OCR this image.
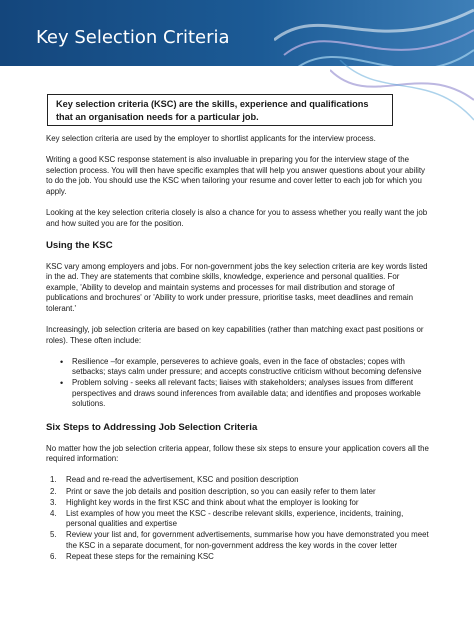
Key Selection Criteria
Key selection criteria (KSC) are the skills, experience and qualifications that an organisation needs for a particular job.

Key selection criteria are used by the employer to shortlist applicants for the interview process.

Writing a good KSC response statement is also invaluable in preparing you for the interview stage of the selection process. You will then have specific examples that will help you answer questions about your ability to do the job. You should use the KSC when tailoring your resume and cover letter to each job for which you apply.

Looking at the key selection criteria closely is also a chance for you to assess whether you really want the job and how suited you are for the position.

Using the KSC

KSC vary among employers and jobs. For non-government jobs the key selection criteria are key words listed in the ad. They are statements that combine skills, knowledge, experience and personal qualities. For example, 'Ability to develop and maintain systems and processes for mail distribution and storage of publications and brochures' or 'Ability to work under pressure, prioritise tasks, meet deadlines and remain tolerant.'

Increasingly, job selection criteria are based on key capabilities (rather than matching exact past positions or roles). These often include:

• Resilience –for example, perseveres to achieve goals, even in the face of obstacles; copes with setbacks; stays calm under pressure; and accepts constructive criticism without becoming defensive
• Problem solving - seeks all relevant facts; liaises with stakeholders; analyses issues from different perspectives and draws sound inferences from available data; and identifies and proposes workable solutions.
Six Steps to Addressing Job Selection Criteria

No matter how the job selection criteria appear, follow these six steps to ensure your application covers all the required information:

1. Read and re-read the advertisement, KSC and position description
2. Print or save the job details and position description, so you can easily refer to them later
3. Highlight key words in the first KSC and think about what the employer is looking for
4. List examples of how you meet the KSC - describe relevant skills, experience, incidents, training, personal qualities and expertise
5. Review your list and, for government advertisements, summarise how you have demonstrated you meet the KSC in a separate document, for non-government address the key words in the cover letter
6. Repeat these steps for the remaining KSC
